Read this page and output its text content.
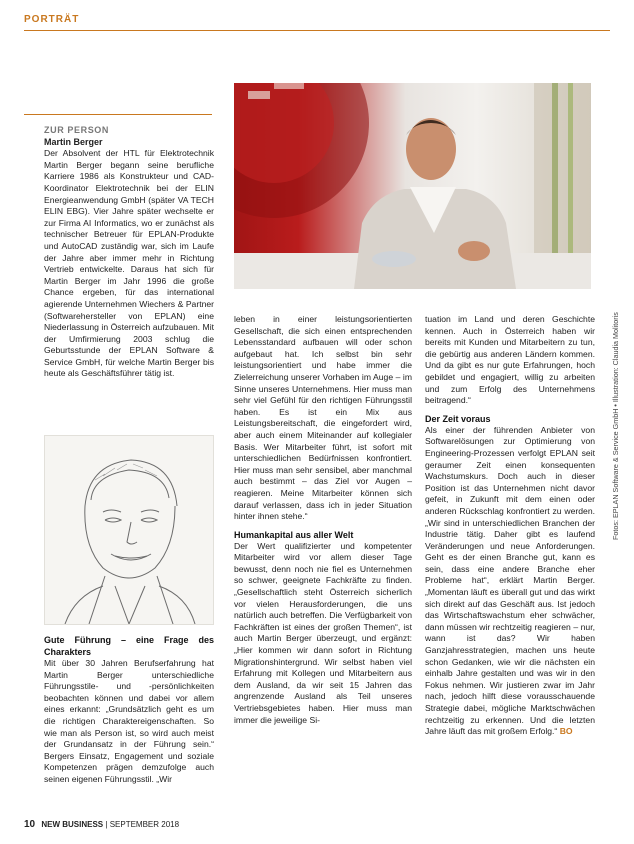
PORTRÄT

ZUR PERSON

Martin Berger

Der Absolvent der HTL für Elektrotechnik Martin Berger begann seine berufliche Karriere 1986 als Konstrukteur und CAD-Koordinator Elektrotechnik bei der ELIN Energieanwendung GmbH (später VA TECH ELIN EBG). Vier Jahre später wechselte er zur Firma AI Informatics, wo er zunächst als technischer Betreuer für EPLAN-Produkte und AutoCAD zuständig war, sich im Laufe der Jahre aber immer mehr in Richtung Vertrieb entwickelte. Daraus hat sich für Martin Berger im Jahr 1996 die große Chance ergeben, für das international agierende Unternehmen Wiechers & Partner (Softwarehersteller von EPLAN) eine Niederlassung in Österreich aufzubauen. Mit der Umfirmierung 2003 schlug die Geburtsstunde der EPLAN Software & Service GmbH, für welche Martin Berger bis heute als Geschäftsführer tätig ist.

Gute Führung – eine Frage des Charakters

Mit über 30 Jahren Berufserfahrung hat Martin Berger unterschiedliche Führungsstile- und -persönlichkeiten beobachten können und dabei vor allem eines erkannt: „Grundsätzlich geht es um die richtigen Charaktereigenschaften. So wie man als Person ist, so wird auch meist der Grundansatz in der Führung sein.“ Bergers Einsatz, Engagement und soziale Kompetenzen prägen demzufolge auch seinen eigenen Führungsstil. „Wir

leben in einer leistungsorientierten Gesellschaft, die sich einen entsprechenden Lebensstandard aufbauen will oder schon aufgebaut hat. Ich selbst bin sehr leistungsorientiert und habe immer die Zielerreichung unserer Vorhaben im Auge – im Sinne unseres Unternehmens. Hier muss man sehr viel Gefühl für den richtigen Führungsstil haben. Es ist ein Mix aus Leistungsbereitschaft, die eingefordert wird, aber auch einem Miteinander auf kollegialer Basis. Wer Mitarbeiter führt, ist sofort mit unterschiedlichen Bedürfnissen konfrontiert. Hier muss man sehr sensibel, aber manchmal auch bestimmt – das Ziel vor Augen – reagieren. Meine Mitarbeiter können sich darauf verlassen, dass ich in jeder Situation hinter ihnen stehe.“

Humankapital aus aller Welt

Der Wert qualifizierter und kompetenter Mitarbeiter wird vor allem dieser Tage bewusst, denn noch nie fiel es Unternehmen so schwer, geeignete Fachkräfte zu finden. „Gesellschaftlich steht Österreich sicherlich vor vielen Herausforderungen, die uns natürlich auch betreffen. Die Verfügbarkeit von Fachkräften ist eines der großen Themen“, ist auch Martin Berger überzeugt, und ergänzt: „Hier kommen wir dann sofort in Richtung Migrationshintergrund. Wir selbst haben viel Erfahrung mit Kollegen und Mitarbeitern aus dem Ausland, da wir seit 15 Jahren das angrenzende Ausland als Teil unseres Vertriebsgebietes haben. Hier muss man immer die jeweilige Si-

tuation im Land und deren Geschichte kennen. Auch in Österreich haben wir bereits mit Kunden und Mitarbeitern zu tun, die gebürtig aus anderen Ländern kommen. Und da gibt es nur gute Erfahrungen, hoch gebildet und engagiert, willig zu arbeiten und zum Erfolg des Unternehmens beitragend.“

Der Zeit voraus

Als einer der führenden Anbieter von Softwarelösungen zur Optimierung von Engineering-Prozessen verfolgt EPLAN seit geraumer Zeit einen konsequenten Wachstumskurs. Doch auch in dieser Position ist das Unternehmen nicht davor gefeit, in Zukunft mit dem einen oder anderen Rückschlag konfrontiert zu werden. „Wir sind in unterschiedlichen Branchen der Industrie tätig. Daher gibt es laufend Veränderungen und neue Anforderungen. Geht es der einen Branche gut, kann es sein, dass eine andere Branche eher Probleme hat“, erklärt Martin Berger. „Momentan läuft es überall gut und das wirkt sich direkt auf das Geschäft aus. Ist jedoch das Wirtschaftswachstum eher schwächer, dann müssen wir rechtzeitig reagieren – nur, wann ist das? Wir haben Ganzjahresstrategien, machen uns heute schon Gedanken, wie wir die nächsten ein einhalb Jahre gestalten und was wir in den Fokus nehmen. Wir justieren zwar im Jahr nach, jedoch hilft diese vorausschauende Strategie dabei, mögliche Marktschwächen rechtzeitig zu erkennen. Und die letzten Jahre läuft das mit großem Erfolg.“ BO

Fotos: EPLAN Software & Service GmbH • Illustration: Claudia Molitoris
10 NEW BUSINESS | SEPTEMBER 2018
